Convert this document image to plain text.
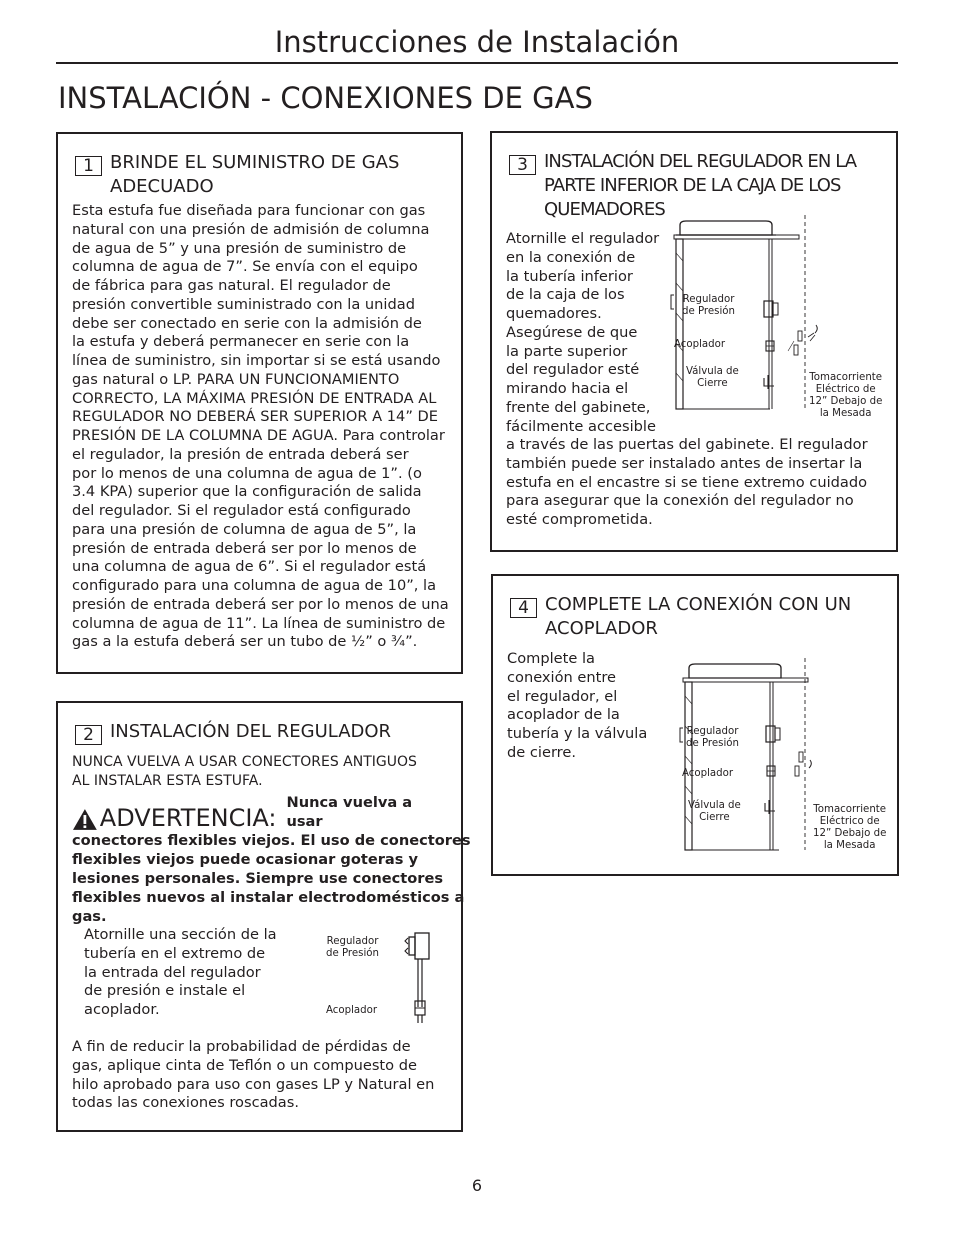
Instrucciones de Instalación
INSTALACIÓN - CONEXIONES DE GAS
1 BRINDE EL SUMINISTRO DE GAS
ADECUADO

Esta estufa fue diseñada para funcionar con gas

natural con una presión de admisión de columna

de agua de 5” y una presión de suministro de

columna de agua de 7”. Se envía con el equipo

de fábrica para gas natural. El regulador de

presión convertible suministrado con la unidad

debe ser conectado en serie con la admisión de

la estufa y deberá permanecer en serie con la

línea de suministro, sin importar si se está usando

gas natural o LP. PARA UN FUNCIONAMIENTO

CORRECTO, LA MÁXIMA PRESIÓN DE ENTRADA AL

REGULADOR NO DEBERÁ SER SUPERIOR A 14” DE

PRESIÓN DE LA COLUMNA DE AGUA. Para controlar

el regulador, la presión de entrada deberá ser

por lo menos de una columna de agua de 1”. (o

3.4 KPA) superior que la configuración de salida

del regulador. Si el regulador está configurado

para una presión de columna de agua de 5”, la

presión de entrada deberá ser por lo menos de

una columna de agua de 6”. Si el regulador está

configurado para una columna de agua de 10”, la

presión de entrada deberá ser por lo menos de una

columna de agua de 11”. La línea de suministro de

gas a la estufa deberá ser un tubo de ½” o ¾”.

2 INSTALACIÓN DEL REGULADOR

NUNCA VUELVA A USAR CONECTORES ANTIGUOS

AL INSTALAR ESTA ESTUFA.

ADVERTENCIA:
Nunca vuelva a usar

conectores flexibles viejos. El uso de conectores

flexibles viejos puede ocasionar goteras y

lesiones personales. Siempre use conectores

flexibles nuevos al instalar electrodomésticos a

gas.

Atornille una sección de la

tubería en el extremo de

la entrada del regulador

de presión e instale el

acoplador.

Regulador
de Presión
Acoplador

A fin de reducir la probabilidad de pérdidas de

gas, aplique cinta de Teflón o un compuesto de

hilo aprobado para uso con gases LP y Natural en

todas las conexiones roscadas.

3 INSTALACIÓN DEL REGULADOR EN LA
PARTE INFERIOR DE LA CAJA DE LOS
QUEMADORES

Atornille el regulador

en la conexión de

la tubería inferior

de la caja de los

quemadores.

Asegúrese de que

la parte superior

del regulador esté

mirando hacia el

frente del gabinete,

fácilmente accesible

a través de las puertas del gabinete. El regulador

también puede ser instalado antes de insertar la

estufa en el encastre si se tiene extremo cuidado

para asegurar que la conexión del regulador no

esté comprometida.

Regulador
de Presión
Acoplador
Válvula de
Cierre
Tomacorriente
Eléctrico de
12” Debajo de
la Mesada
4 COMPLETE LA CONEXIÓN CON UN
ACOPLADOR

Complete la

conexión entre

el regulador, el

acoplador de la

tubería y la válvula

de cierre.

Regulador
de Presión
Acoplador
Válvula de
Cierre
Tomacorriente
Eléctrico de
12” Debajo de
la Mesada
6
